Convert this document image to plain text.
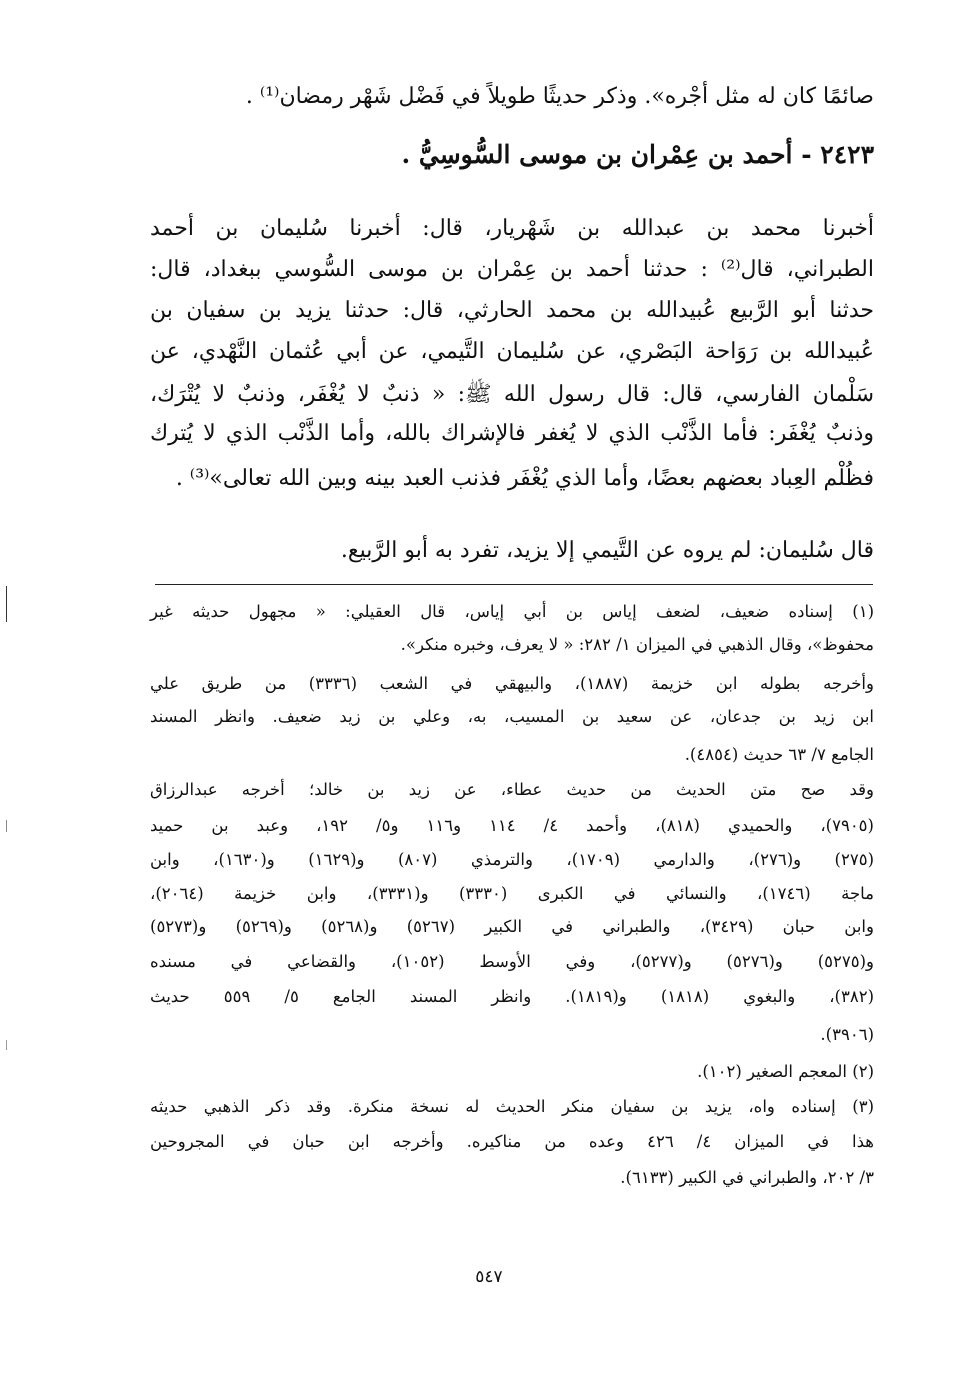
صائمًا كان له مثل أجْره». وذكر حديثًا طويلاً في فَضْل شَهْر رمضان⁽¹⁾ .

٢٤٢٣ - أحمد بن عِمْران بن موسى السُّوسِيُّ .

أخبرنا محمد بن عبدالله بن شَهْريار، قال: أخبرنا سُليمان بن أحمد

الطبراني، قال⁽²⁾ : حدثنا أحمد بن عِمْران بن موسى السُّوسي ببغداد، قال:

حدثنا أبو الرَّبيع عُبيدالله بن محمد الحارثي، قال: حدثنا يزيد بن سفيان بن

عُبيدالله بن رَوَاحة البَصْري، عن سُليمان التَّيمي، عن أبي عُثمان النَّهْدي، عن

سَلْمان الفارسي، قال: قال رسول الله ﷺ: « ذنبٌ لا يُغْفَر، وذنبٌ لا يُتْرَك،

وذنبٌ يُغْفَر: فأما الذَّنْب الذي لا يُغفر فالإشراك بالله، وأما الذَّنْب الذي لا يُترك

فظُلْم العِباد بعضهم بعضًا، وأما الذي يُغْفَر فذنب العبد بينه وبين الله تعالى»⁽³⁾ .

قال سُليمان: لم يروه عن التَّيمي إلا يزيد، تفرد به أبو الرَّبيع.

(١) إسناده ضعيف، لضعف إياس بن أبي إياس، قال العقيلي: « مجهول حديثه غير

محفوظ»، وقال الذهبي في الميزان ١/ ٢٨٢: « لا يعرف، وخبره منكر».

وأخرجه بطوله ابن خزيمة (١٨٨٧)، والبيهقي في الشعب (٣٣٣٦) من طريق علي

ابن زيد بن جدعان، عن سعيد بن المسيب، به، وعلي بن زيد ضعيف. وانظر المسند

الجامع ٧/ ٦٣ حديث (٤٨٥٤).

وقد صح متن الحديث من حديث عطاء، عن زيد بن خالد؛ أخرجه عبدالرزاق

(٧٩٠٥)، والحميدي (٨١٨)، وأحمد ٤/ ١١٤ و١١٦ و٥/ ١٩٢، وعبد بن حميد

(٢٧٥) و(٢٧٦)، والدارمي (١٧٠٩)، والترمذي (٨٠٧) و(١٦٢٩) و(١٦٣٠)، وابن

ماجة (١٧٤٦)، والنسائي في الكبرى (٣٣٣٠) و(٣٣٣١)، وابن خزيمة (٢٠٦٤)،

وابن حبان (٣٤٢٩)، والطبراني في الكبير (٥٢٦٧) و(٥٢٦٨) و(٥٢٦٩) و(٥٢٧٣)

و(٥٢٧٥) و(٥٢٧٦) و(٥٢٧٧)، وفي الأوسط (١٠٥٢)، والقضاعي في مسنده

(٣٨٢)، والبغوي (١٨١٨) و(١٨١٩). وانظر المسند الجامع ٥/ ٥٥٩ حديث

(٣٩٠٦).

(٢) المعجم الصغير (١٠٢).

(٣) إسناده واه، يزيد بن سفيان منكر الحديث له نسخة منكرة. وقد ذكر الذهبي حديثه

هذا في الميزان ٤/ ٤٢٦ وعده من مناكيره. وأخرجه ابن حبان في المجروحين

٣/ ٢٠٢، والطبراني في الكبير (٦١٣٣).

٥٤٧
